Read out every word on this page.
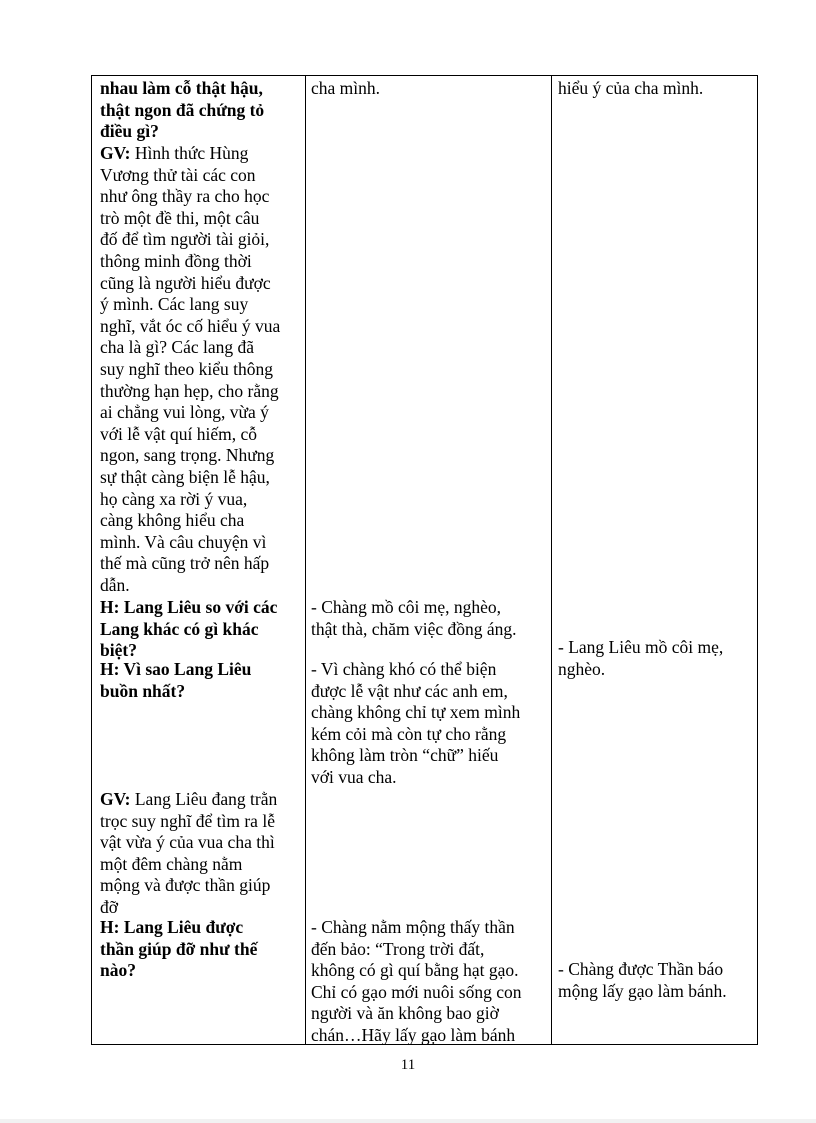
nhau làm cỗ thật hậu,
thật ngon đã chứng tỏ
điều gì?
GV: Hình thức Hùng
Vương thử tài các con
như ông thầy ra cho học
trò một đề thi, một câu
đố để tìm người tài giỏi,
thông minh đồng thời
cũng là người hiểu được
ý mình. Các lang suy
nghĩ, vắt óc cố hiểu ý vua
cha là gì? Các lang đã
suy nghĩ theo kiểu thông
thường hạn hẹp, cho rằng
ai chẳng vui lòng, vừa ý
với lễ vật quí hiếm, cỗ
ngon, sang trọng. Nhưng
sự thật càng biện lễ hậu,
họ càng xa rời ý vua,
càng không hiểu cha
mình. Và câu chuyện vì
thế mà cũng trở nên hấp
dẫn.
H: Lang Liêu so với các
Lang khác có gì khác
biệt?
H: Vì sao Lang Liêu
buồn nhất?
GV: Lang Liêu đang trằn
trọc suy nghĩ để tìm ra lễ
vật vừa ý của vua cha thì
một đêm chàng nằm
mộng và được thần giúp
đỡ
H: Lang Liêu được
thần giúp đỡ như thế
nào?
cha mình.
- Chàng mồ côi mẹ, nghèo,
thật thà, chăm việc đồng áng.
- Vì chàng khó có thể biện
được lễ vật như các anh em,
chàng không chỉ tự xem mình
kém cỏi mà còn tự cho rằng
không làm tròn “chữ” hiếu
với vua cha.
- Chàng nằm mộng thấy thần
đến bảo: “Trong trời đất,
không có gì quí bằng hạt gạo.
Chỉ có gạo mới nuôi sống con
người và ăn không bao giờ
chán…Hãy lấy gạo làm bánh
hiểu ý của cha mình.
- Lang Liêu mồ côi mẹ,
nghèo.
- Chàng được Thần báo
mộng lấy gạo làm bánh.
11
